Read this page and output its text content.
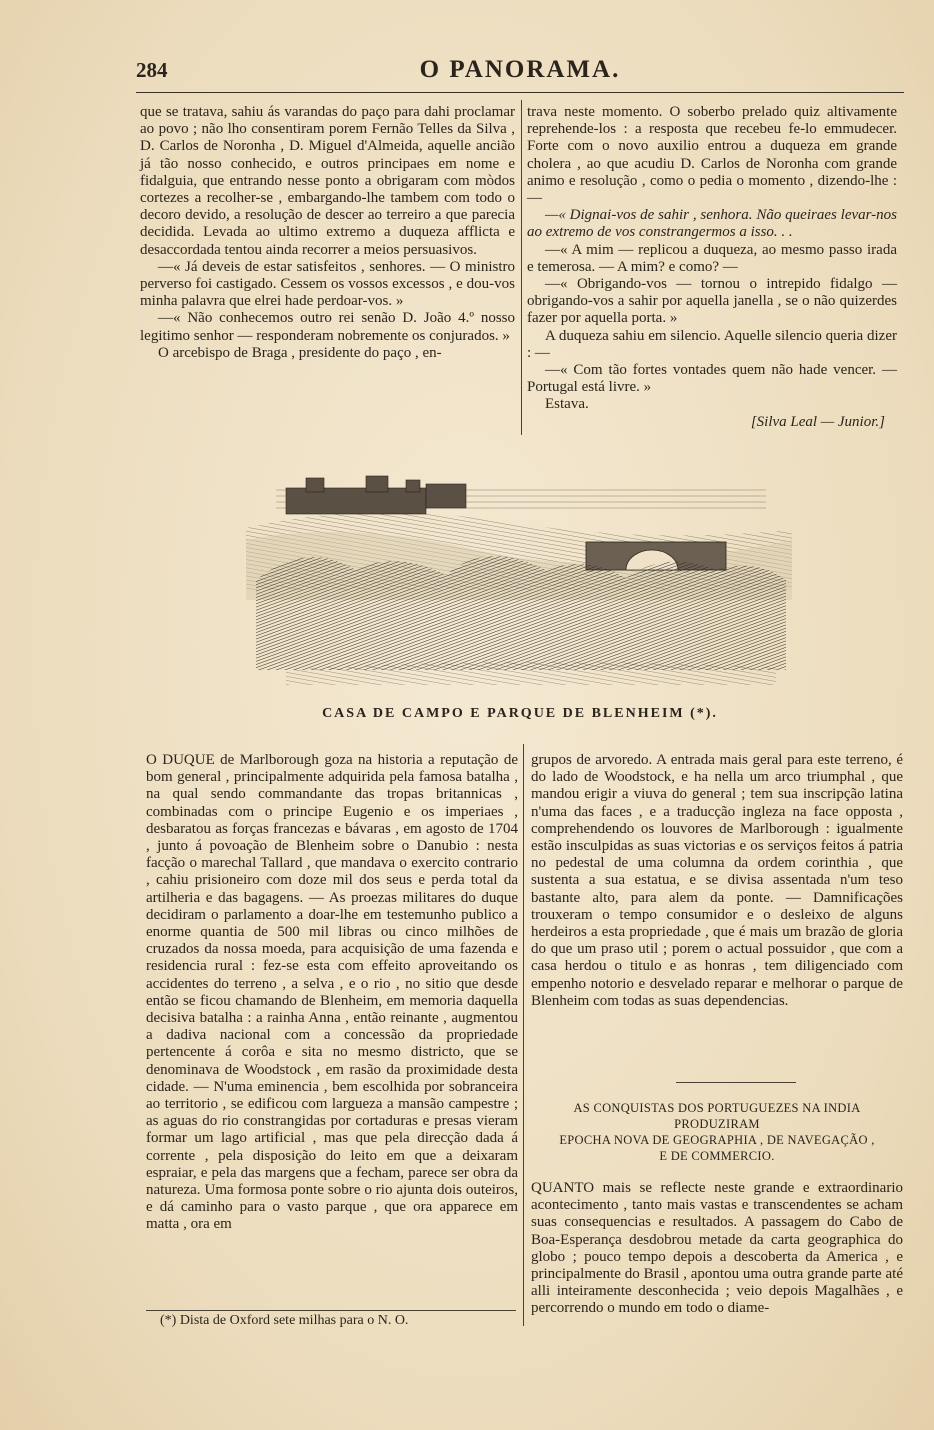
284	O PANORAMA.

que se tratava, sahiu ás varandas do paço para dahi proclamar ao povo ; não lho consentiram porem Fernão Telles da Silva , D. Carlos de Noronha , D. Miguel d'Almeida, aquelle ancião já tão nosso conhecido, e outros principaes em nome e fidalguia, que entrando nesse ponto a obrigaram com mòdos cortezes a recolher-se , embargando-lhe tambem com todo o decoro devido, a resolução de descer ao terreiro a que parecia decidida. Levada ao ultimo extremo a duqueza afflicta e desaccordada tentou ainda recorrer a meios persuasivos.

—« Já deveis de estar satisfeitos , senhores. — O ministro perverso foi castigado. Cessem os vossos excessos , e dou-vos minha palavra que elrei hade perdoar-vos. »

—« Não conhecemos outro rei senão D. João 4.º nosso legitimo senhor — responderam nobremente os conjurados. »

O arcebispo de Braga , presidente do paço , en-

trava neste momento. O soberbo prelado quiz altivamente reprehende-los : a resposta que recebeu fe-lo emmudecer. Forte com o novo auxilio entrou a duqueza em grande cholera , ao que acudiu D. Carlos de Noronha com grande animo e resolução , como o pedia o momento , dizendo-lhe : —

—« Dignai-vos de sahir , senhora. Não queiraes levar-nos ao extremo de vos constrangermos a isso. . .

—« A mim — replicou a duqueza, ao mesmo passo irada e temerosa. — A mim? e como? —

—« Obrigando-vos — tornou o intrepido fidalgo — obrigando-vos a sahir por aquella janella , se o não quizerdes fazer por aquella porta. »

A duqueza sahiu em silencio. Aquelle silencio queria dizer : —

—« Com tão fortes vontades quem não hade vencer. — Portugal está livre. »

Estava.

[Silva Leal — Junior.]

CASA DE CAMPO E PARQUE DE BLENHEIM (*).

O DUQUE de Marlborough goza na historia a reputação de bom general , principalmente adquirida pela famosa batalha , na qual sendo commandante das tropas britannicas , combinadas com o principe Eugenio e os imperiaes , desbaratou as forças francezas e bávaras , em agosto de 1704 , junto á povoação de Blenheim sobre o Danubio : nesta facção o marechal Tallard , que mandava o exercito contrario , cahiu prisioneiro com doze mil dos seus e perda total da artilheria e das bagagens. — As proezas militares do duque decidiram o parlamento a doar-lhe em testemunho publico a enorme quantia de 500 mil libras ou cinco milhões de cruzados da nossa moeda, para acquisição de uma fazenda e residencia rural : fez-se esta com effeito aproveitando os accidentes do terreno , a selva , e o rio , no sitio que desde então se ficou chamando de Blenheim, em memoria daquella decisiva batalha : a rainha Anna , então reinante , augmentou a dadiva nacional com a concessão da propriedade pertencente á corôa e sita no mesmo districto, que se denominava de Woodstock , em rasão da proximidade desta cidade. — N'uma eminencia , bem escolhida por sobranceira ao territorio , se edificou com largueza a mansão campestre ; as aguas do rio constrangidas por cortaduras e presas vieram formar um lago artificial , mas que pela direcção dada á corrente , pela disposição do leito em que a deixaram espraiar, e pela das margens que a fecham, parece ser obra da natureza. Uma formosa ponte sobre o rio ajunta dois outeiros, e dá caminho para o vasto parque , que ora apparece em matta , ora em

(*) Dista de Oxford sete milhas para o N. O.

grupos de arvoredo. A entrada mais geral para este terreno, é do lado de Woodstock, e ha nella um arco triumphal , que mandou erigir a viuva do general ; tem sua inscripção latina n'uma das faces , e a traducção ingleza na face opposta , comprehendendo os louvores de Marlborough : igualmente estão insculpidas as suas victorias e os serviços feitos á patria no pedestal de uma columna da ordem corinthia , que sustenta a sua estatua, e se divisa assentada n'um teso bastante alto, para alem da ponte. — Damnificações trouxeram o tempo consumidor e o desleixo de alguns herdeiros a esta propriedade , que é mais um brazão de gloria do que um praso util ; porem o actual possuidor , que com a casa herdou o titulo e as honras , tem diligenciado com empenho notorio e desvelado reparar e melhorar o parque de Blenheim com todas as suas dependencias.

AS CONQUISTAS DOS PORTUGUEZES NA INDIA PRODUZIRAM
EPOCHA NOVA DE GEOGRAPHIA , DE NAVEGAÇÃO ,
E DE COMMERCIO.

QUANTO mais se reflecte neste grande e extraordinario acontecimento , tanto mais vastas e transcendentes se acham suas consequencias e resultados. A passagem do Cabo de Boa-Esperança desdobrou metade da carta geographica do globo ; pouco tempo depois a descoberta da America , e principalmente do Brasil , apontou uma outra grande parte até alli inteiramente desconhecida ; veio depois Magalhães , e percorrendo o mundo em todo o diame-
